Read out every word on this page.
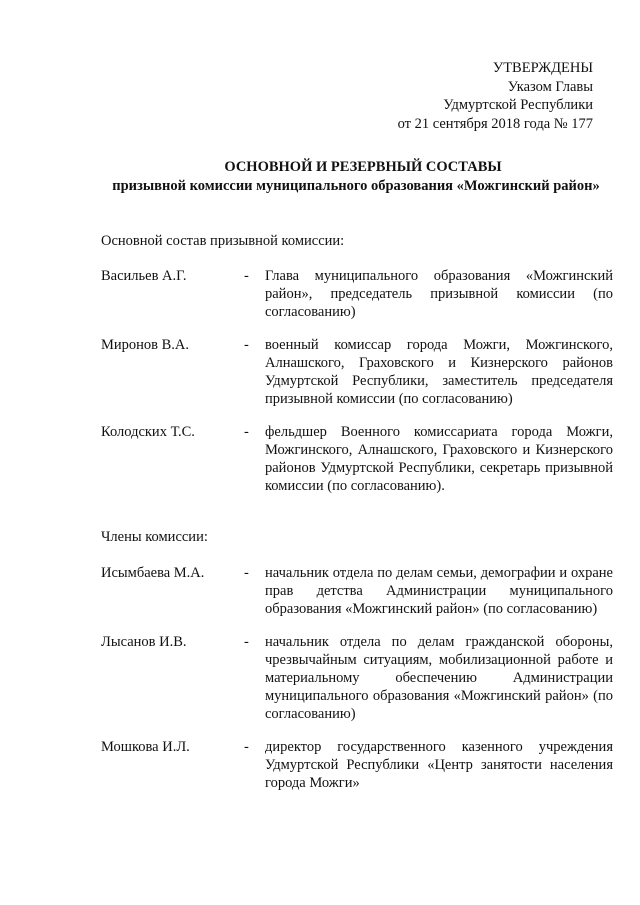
УТВЕРЖДЕНЫ
Указом Главы
Удмуртской Республики
от 21 сентября 2018 года № 177
ОСНОВНОЙ И РЕЗЕРВНЫЙ СОСТАВЫ
призывной комиссии муниципального образования «Можгинский район»
Основной состав призывной комиссии:
Васильев А.Г.	- Глава муниципального образования «Можгинский район», председатель призывной комиссии (по согласованию)
Миронов В.А.	- военный комиссар города Можги, Можгинского, Алнашского, Граховского и Кизнерского районов Удмуртской Республики, заместитель председателя призывной комиссии (по согласованию)
Колодских Т.С.	- фельдшер Военного комиссариата города Можги, Можгинского, Алнашского, Граховского и Кизнерского районов Удмуртской Республики, секретарь призывной комиссии (по согласованию).
Члены комиссии:
Исымбаева М.А.	- начальник отдела по делам семьи, демографии и охране прав детства Администрации муниципального образования «Можгинский район» (по согласованию)
Лысанов И.В.	- начальник отдела по делам гражданской обороны, чрезвычайным ситуациям, мобилизационной работе и материальному обеспечению Администрации муниципального образования «Можгинский район» (по согласованию)
Мошкова И.Л.	- директор государственного казенного учреждения Удмуртской Республики «Центр занятости населения города Можги»
